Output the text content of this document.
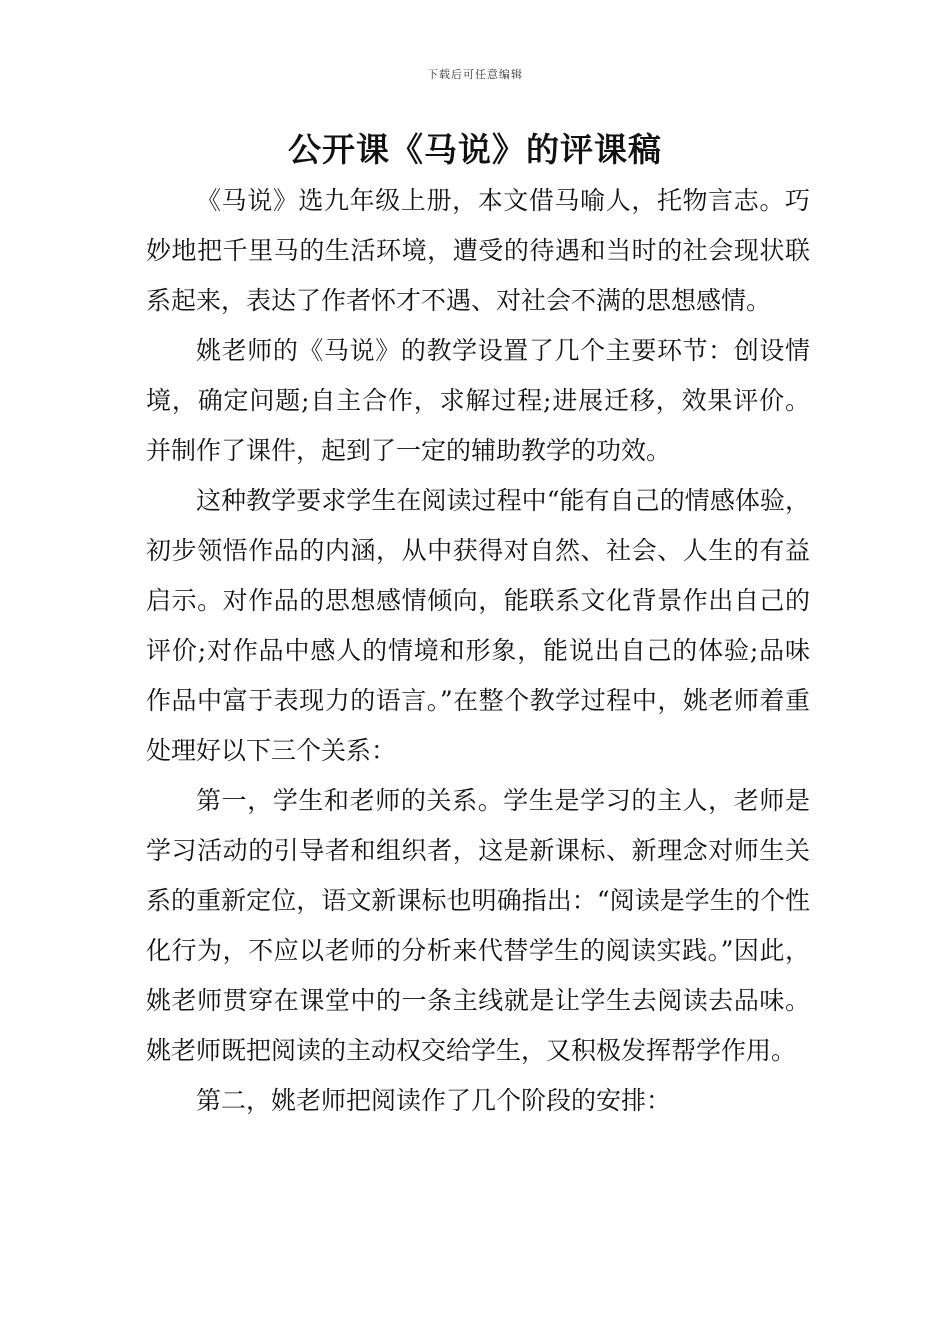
下载后可任意编辑
公开课《马说》的评课稿

《马说》选九年级上册，本文借马喻人，托物言志。巧妙地把千里马的生活环境，遭受的待遇和当时的社会现状联系起来，表达了作者怀才不遇、对社会不满的思想感情。

姚老师的《马说》的教学设置了几个主要环节：创设情境，确定问题;自主合作，求解过程;进展迁移，效果评价。并制作了课件，起到了一定的辅助教学的功效。

这种教学要求学生在阅读过程中“能有自己的情感体验，初步领悟作品的内涵，从中获得对自然、社会、人生的有益启示。对作品的思想感情倾向，能联系文化背景作出自己的评价;对作品中感人的情境和形象，能说出自己的体验;品味作品中富于表现力的语言。”在整个教学过程中，姚老师着重处理好以下三个关系：

第一，学生和老师的关系。学生是学习的主人，老师是学习活动的引导者和组织者，这是新课标、新理念对师生关系的重新定位，语文新课标也明确指出：“阅读是学生的个性化行为，不应以老师的分析来代替学生的阅读实践。”因此，姚老师贯穿在课堂中的一条主线就是让学生去阅读去品味。姚老师既把阅读的主动权交给学生，又积极发挥帮学作用。

第二，姚老师把阅读作了几个阶段的安排：
